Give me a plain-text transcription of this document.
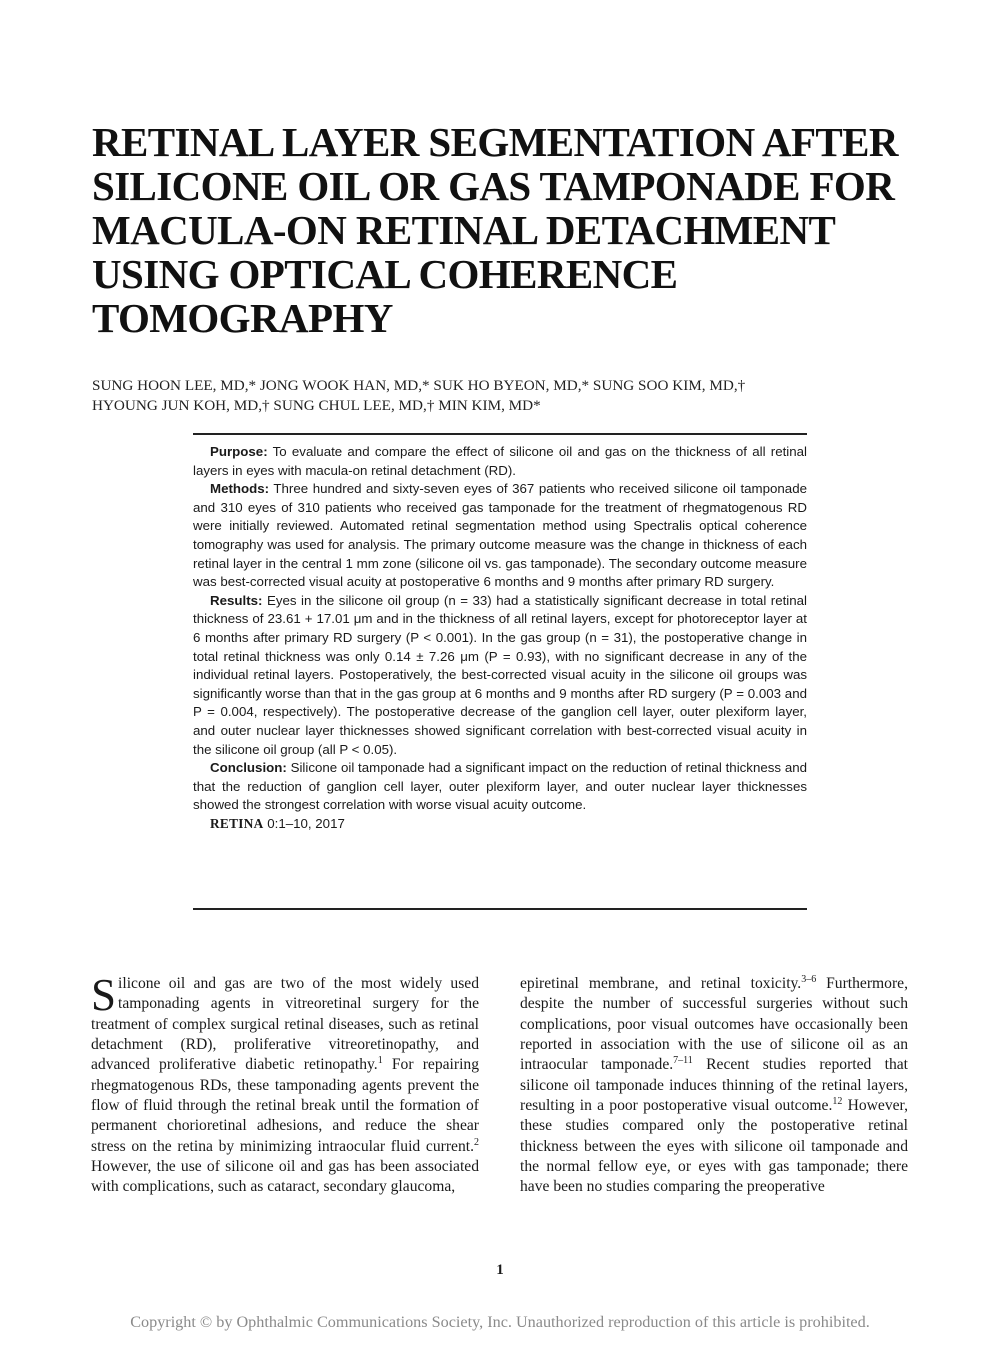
RETINAL LAYER SEGMENTATION AFTER
SILICONE OIL OR GAS TAMPONADE FOR
MACULA-ON RETINAL DETACHMENT
USING OPTICAL COHERENCE
TOMOGRAPHY
SUNG HOON LEE, MD,* JONG WOOK HAN, MD,* SUK HO BYEON, MD,* SUNG SOO KIM, MD,†
HYOUNG JUN KOH, MD,† SUNG CHUL LEE, MD,† MIN KIM, MD*

Purpose: To evaluate and compare the effect of silicone oil and gas on the thickness of all retinal layers in eyes with macula-on retinal detachment (RD).

Methods: Three hundred and sixty-seven eyes of 367 patients who received silicone oil tamponade and 310 eyes of 310 patients who received gas tamponade for the treatment of rhegmatogenous RD were initially reviewed. Automated retinal segmentation method using Spectralis optical coherence tomography was used for analysis. The primary outcome measure was the change in thickness of each retinal layer in the central 1 mm zone (silicone oil vs. gas tamponade). The secondary outcome measure was best-corrected visual acuity at postoperative 6 months and 9 months after primary RD surgery.

Results: Eyes in the silicone oil group (n = 33) had a statistically significant decrease in total retinal thickness of 23.61 + 17.01 μm and in the thickness of all retinal layers, except for photoreceptor layer at 6 months after primary RD surgery (P < 0.001). In the gas group (n = 31), the postoperative change in total retinal thickness was only 0.14 ± 7.26 μm (P = 0.93), with no significant decrease in any of the individual retinal layers. Postoperatively, the best-corrected visual acuity in the silicone oil groups was significantly worse than that in the gas group at 6 months and 9 months after RD surgery (P = 0.003 and P = 0.004, respectively). The postoperative decrease of the ganglion cell layer, outer plexiform layer, and outer nuclear layer thicknesses showed significant correlation with best-corrected visual acuity in the silicone oil group (all P < 0.05).

Conclusion: Silicone oil tamponade had a significant impact on the reduction of retinal thickness and that the reduction of ganglion cell layer, outer plexiform layer, and outer nuclear layer thicknesses showed the strongest correlation with worse visual acuity outcome.

RETINA 0:1–10, 2017

Silicone oil and gas are two of the most widely used tamponading agents in vitreoretinal surgery for the treatment of complex surgical retinal diseases, such as retinal detachment (RD), proliferative vitreoretinopathy, and advanced proliferative diabetic retinopathy.$^1$ For repairing rhegmatogenous RDs, these tamponading agents prevent the flow of fluid through the retinal break until the formation of permanent chorioretinal adhesions, and reduce the shear stress on the retina by minimizing intraocular fluid current.$^2$ However, the use of silicone oil and gas has been associated with complications, such as cataract, secondary glaucoma,

epiretinal membrane, and retinal toxicity.$^{3-6}$ Furthermore, despite the number of successful surgeries without such complications, poor visual outcomes have occasionally been reported in association with the use of silicone oil as an intraocular tamponade.$^{7-11}$ Recent studies reported that silicone oil tamponade induces thinning of the retinal layers, resulting in a poor postoperative visual outcome.$^{12}$ However, these studies compared only the postoperative retinal thickness between the eyes with silicone oil tamponade and the normal fellow eye, or eyes with gas tamponade; there have been no studies comparing the preoperative

1
Copyright © by Ophthalmic Communications Society, Inc. Unauthorized reproduction of this article is prohibited.
